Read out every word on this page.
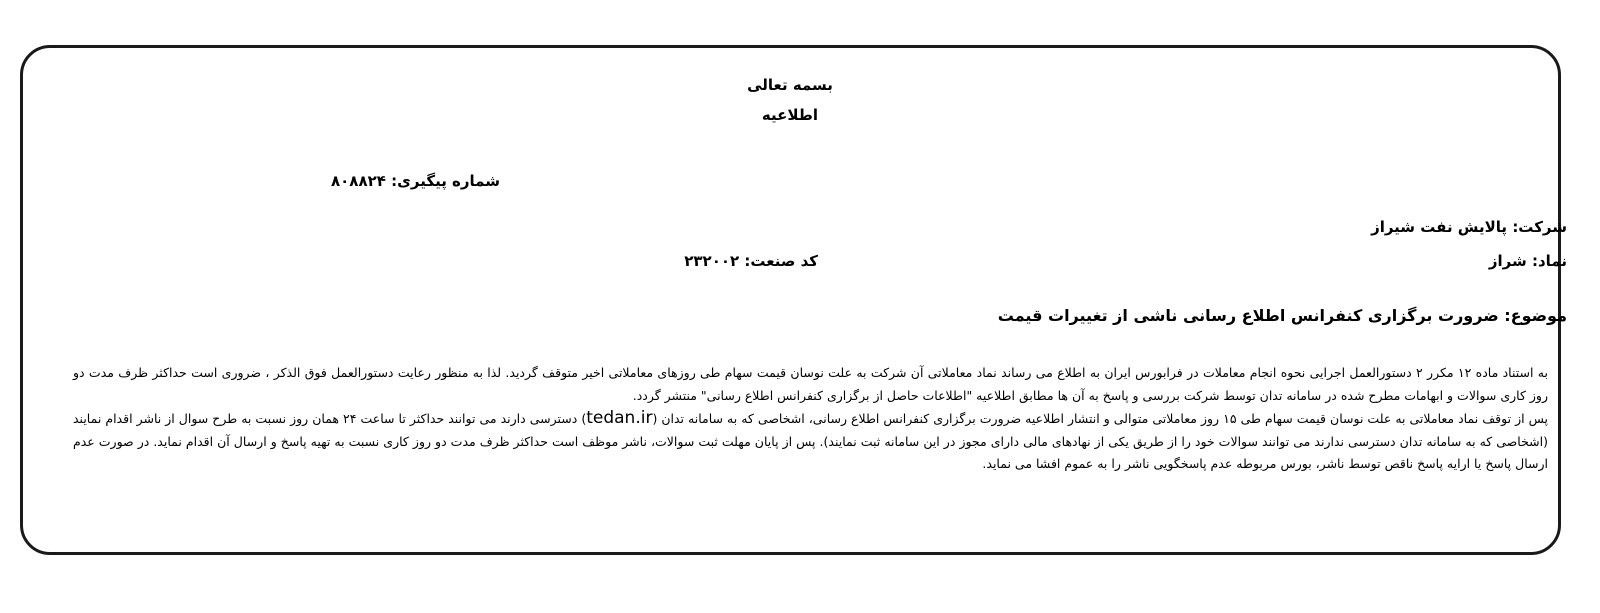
بسمه تعالی
اطلاعیه
شماره پیگیری: ۸۰۸۸۲۴
شرکت: پالایش نفت شیراز
نماد: شراز
کد صنعت: ۲۳۲۰۰۲
موضوع: ضرورت برگزاری کنفرانس اطلاع رسانی ناشی از تغییرات قیمت

به استناد ماده ۱۲ مکرر ۲ دستورالعمل اجرایی نحوه انجام معاملات در فرابورس ایران به اطلاع می رساند نماد معاملاتی آن شرکت به علت نوسان قیمت سهام طی روزهای معاملاتی اخیر متوقف گردید. لذا به منظور رعایت دستورالعمل فوق الذکر ، ضروری است حداکثر ظرف مدت دو روز کاری سوالات و ابهامات مطرح شده در سامانه تدان توسط شرکت بررسی و پاسخ به آن ها مطابق اطلاعیه "اطلاعات حاصل از برگزاری کنفرانس اطلاع رسانی" منتشر گردد.

پس از توقف نماد معاملاتی به علت نوسان قیمت سهام طی ۱۵ روز معاملاتی متوالی و انتشار اطلاعیه ضرورت برگزاری کنفرانس اطلاع رسانی، اشخاصی که به سامانه تدان (tedan.ir) دسترسی دارند می توانند حداکثر تا ساعت ۲۴ همان روز نسبت به طرح سوال از ناشر اقدام نمایند (اشخاصی که به سامانه تدان دسترسی ندارند می توانند سوالات خود را از طریق یکی از نهادهای مالی دارای مجوز در این سامانه ثبت نمایند). پس از پایان مهلت ثبت سوالات، ناشر موظف است حداکثر ظرف مدت دو روز کاری نسبت به تهیه پاسخ و ارسال آن اقدام نماید. در صورت عدم ارسال پاسخ یا ارایه پاسخ ناقص توسط ناشر، بورس مربوطه عدم پاسخگویی ناشر را به عموم افشا می نماید.
